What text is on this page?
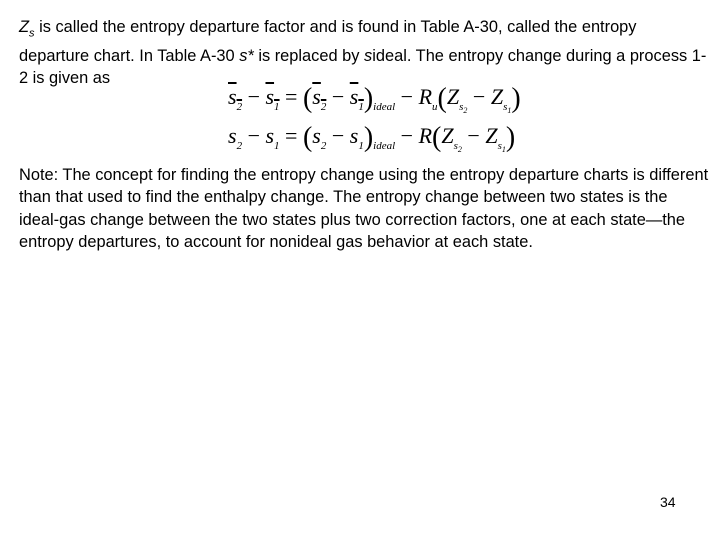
$Z_s$ is called the entropy departure factor and is found in Table A-30, called the entropy departure chart. In Table A-30 s* is replaced by sideal. The entropy change during a process 1-2 is given as

$s_2 - s_1 = (s_2 - s_1)_{ideal} - R_u(Z_{s_2} - Z_{s_1})$
$s_2 - s_1 = (s_2 - s_1)_{ideal} - R(Z_{s_2} - Z_{s_1})$

Note: The concept for finding the entropy change using the entropy departure charts is different than that used to find the enthalpy change. The entropy change between two states is the ideal-gas change between the two states plus two correction factors, one at each state—the entropy departures, to account for nonideal gas behavior at each state.

34
